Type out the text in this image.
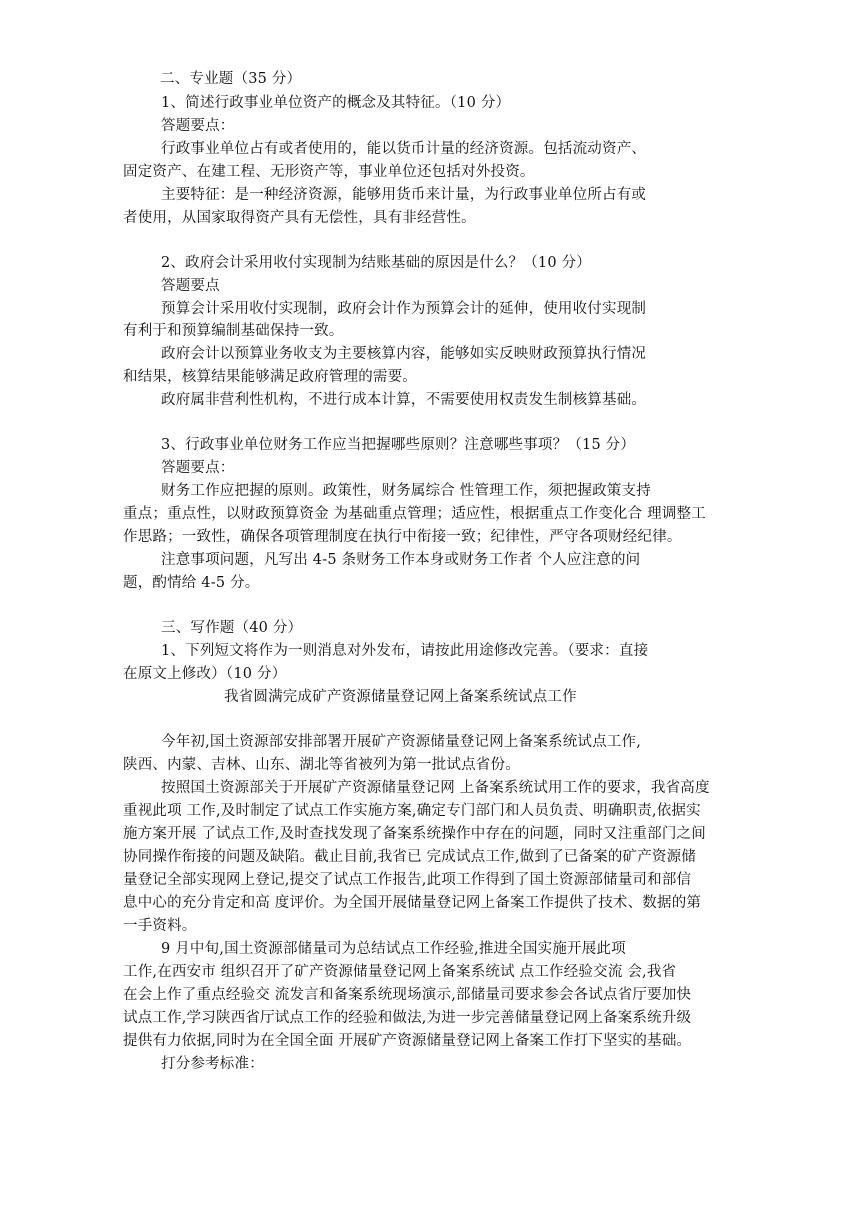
二、专业题（35 分）
1、简述行政事业单位资产的概念及其特征。（10 分）
答题要点：
行政事业单位占有或者使用的，能以货币计量的经济资源。包括流动资产、
固定资产、在建工程、无形资产等，事业单位还包括对外投资。
主要特征：是一种经济资源，能够用货币来计量，为行政事业单位所占有或
者使用，从国家取得资产具有无偿性，具有非经营性。
2、政府会计采用收付实现制为结账基础的原因是什么？（10 分）
答题要点
预算会计采用收付实现制，政府会计作为预算会计的延伸，使用收付实现制
有利于和预算编制基础保持一致。
政府会计以预算业务收支为主要核算内容，能够如实反映财政预算执行情况
和结果，核算结果能够满足政府管理的需要。
政府属非营利性机构，不进行成本计算，不需要使用权责发生制核算基础。
3、行政事业单位财务工作应当把握哪些原则？注意哪些事项？（15 分）
答题要点：
财务工作应把握的原则。政策性，财务属综合 性管理工作，须把握政策支持
重点；重点性，以财政预算资金 为基础重点管理；适应性，根据重点工作变化合 理调整工
作思路；一致性，确保各项管理制度在执行中衔接一致；纪律性，严守各项财经纪律。
注意事项问题，凡写出 4-5 条财务工作本身或财务工作者 个人应注意的问
题，酌情给 4-5 分。
三、写作题（40 分）
1、下列短文将作为一则消息对外发布，请按此用途修改完善。（要求：直接
在原文上修改）（10 分）
我省圆满完成矿产资源储量登记网上备案系统试点工作
今年初,国土资源部安排部署开展矿产资源储量登记网上备案系统试点工作,
陕西、内蒙、吉林、山东、湖北等省被列为第一批试点省份。
按照国土资源部关于开展矿产资源储量登记网 上备案系统试用工作的要求，我省高度
重视此项 工作,及时制定了试点工作实施方案,确定专门部门和人员负责、明确职责,依据实
施方案开展 了试点工作,及时查找发现了备案系统操作中存在的问题，同时又注重部门之间
协同操作衔接的问题及缺陷。截止目前,我省已 完成试点工作,做到了已备案的矿产资源储
量登记全部实现网上登记,提交了试点工作报告,此项工作得到了国土资源部储量司和部信
息中心的充分肯定和高 度评价。为全国开展储量登记网上备案工作提供了技术、数据的第
一手资料。
9 月中旬,国土资源部储量司为总结试点工作经验,推进全国实施开展此项
工作,在西安市 组织召开了矿产资源储量登记网上备案系统试 点工作经验交流 会,我省
在会上作了重点经验交 流发言和备案系统现场演示,部储量司要求参会各试点省厅要加快
试点工作,学习陕西省厅试点工作的经验和做法,为进一步完善储量登记网上备案系统升级
提供有力依据,同时为在全国全面 开展矿产资源储量登记网上备案工作打下坚实的基础。
打分参考标准：
